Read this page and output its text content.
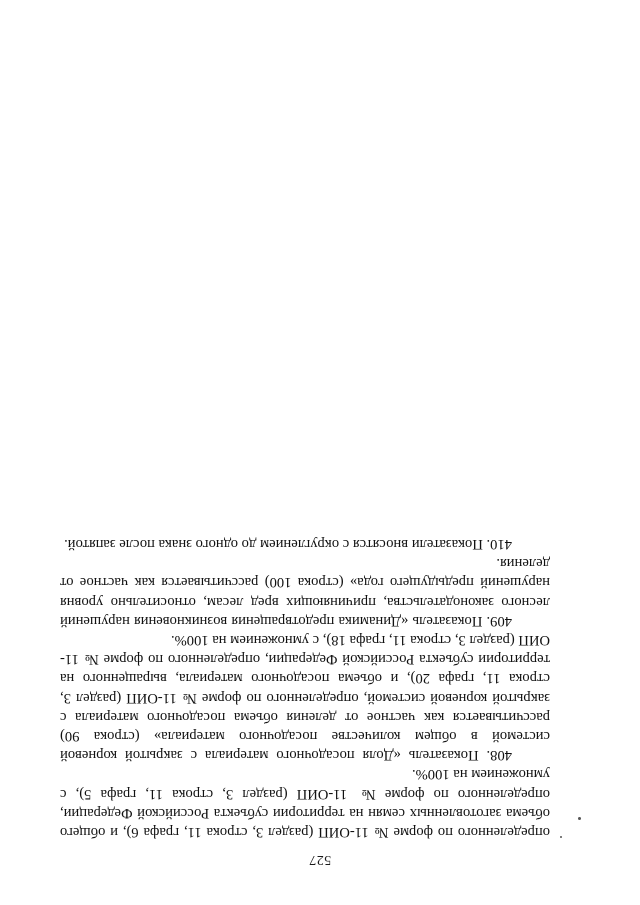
527

определенного по форме № 11-ОИП (раздел 3, строка 11, графа 6), и общего объема заготовленных семян на территории субъекта Российской Федерации, определенного по форме № 11-ОИП (раздел 3, строка 11, графа 5), с умножением на 100%.

408. Показатель «Доля посадочного материала с закрытой корневой системой в общем количестве посадочного материала» (строка 90) рассчитывается как частное от деления объема посадочного материала с закрытой корневой системой, определенного по форме № 11-ОИП (раздел 3, строка 11, графа 20), и объема посадочного материала, выращенного на территории субъекта Российской Федерации, определенного по форме № 11-ОИП (раздел 3, строка 11, графа 18), с умножением на 100%.

409. Показатель «Динамика предотвращения возникновения нарушений лесного законодательства, причиняющих вред лесам, относительно уровня нарушений предыдущего года» (строка 100) рассчитывается как частное от деления.

410. Показатели вносятся с округлением до одного знака после запятой.
